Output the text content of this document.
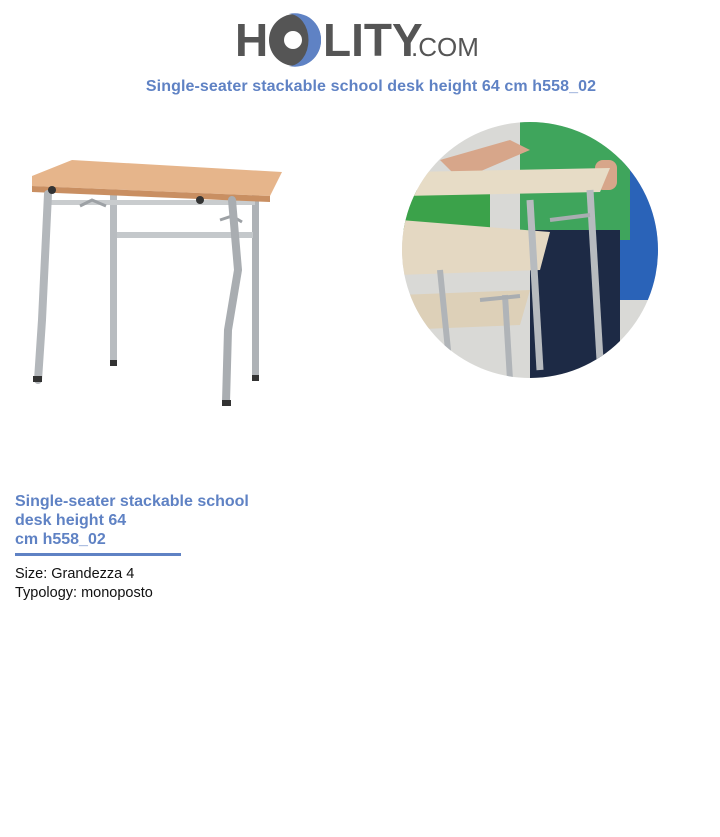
H LITY
.COM
Single-seater stackable school desk height 64 cm h558_02
Single-seater stackable school
desk height 64
cm h558_02
Size: Grandezza 4
Typology: monoposto
